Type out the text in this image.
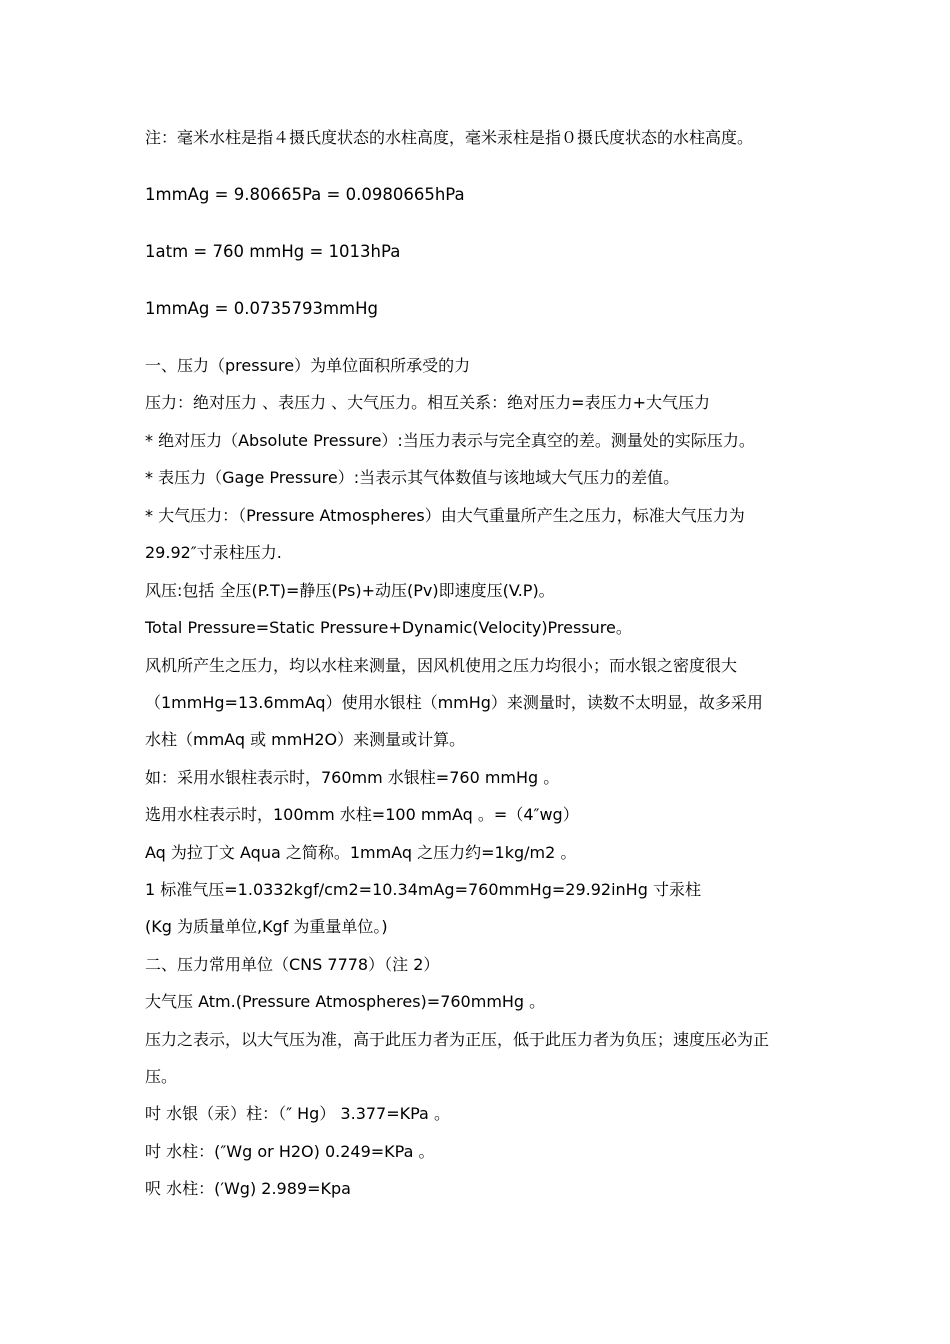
注：毫米水柱是指４摄氏度状态的水柱高度，毫米汞柱是指０摄氏度状态的水柱高度。

1mmAg = 9.80665Pa = 0.0980665hPa

1atm = 760 mmHg = 1013hPa

1mmAg = 0.0735793mmHg

一、压力（pressure）为单位面积所承受的力

压力：绝对压力 、表压力 、大气压力。相互关系：绝对压力=表压力+大气压力

* 绝对压力（Absolute Pressure）:当压力表示与完全真空的差。测量处的实际压力。

* 表压力（Gage Pressure）:当表示其气体数值与该地域大气压力的差值。

* 大气压力：（Pressure Atmospheres）由大气重量所产生之压力，标准大气压力为

29.92″寸汞柱压力.

风压:包括 全压(P.T)=静压(Ps)+动压(Pv)即速度压(V.P)。

Total Pressure=Static Pressure+Dynamic(Velocity)Pressure。

风机所产生之压力，均以水柱来测量，因风机使用之压力均很小；而水银之密度很大

（1mmHg=13.6mmAq）使用水银柱（mmHg）来测量时，读数不太明显，故多采用

水柱（mmAq 或 mmH2O）来测量或计算。

如：采用水银柱表示时，760mm 水银柱=760 mmHg 。

选用水柱表示时，100mm 水柱=100 mmAq 。=（4″wg）

Aq 为拉丁文 Aqua 之简称。1mmAq 之压力约=1kg/m2 。

1 标准气压=1.0332kgf/cm2=10.34mAg=760mmHg=29.92inHg 寸汞柱

(Kg 为质量单位,Kgf 为重量单位。)

二、压力常用单位（CNS 7778）（注 2）

大气压 Atm.(Pressure Atmospheres)=760mmHg 。

压力之表示，以大气压为准，高于此压力者为正压，低于此压力者为负压；速度压必为正

压。

吋 水银（汞）柱：（″ Hg） 3.377=KPa 。

吋 水柱：(″Wg or H2O) 0.249=KPa 。

呎 水柱：(′Wg) 2.989=Kpa
